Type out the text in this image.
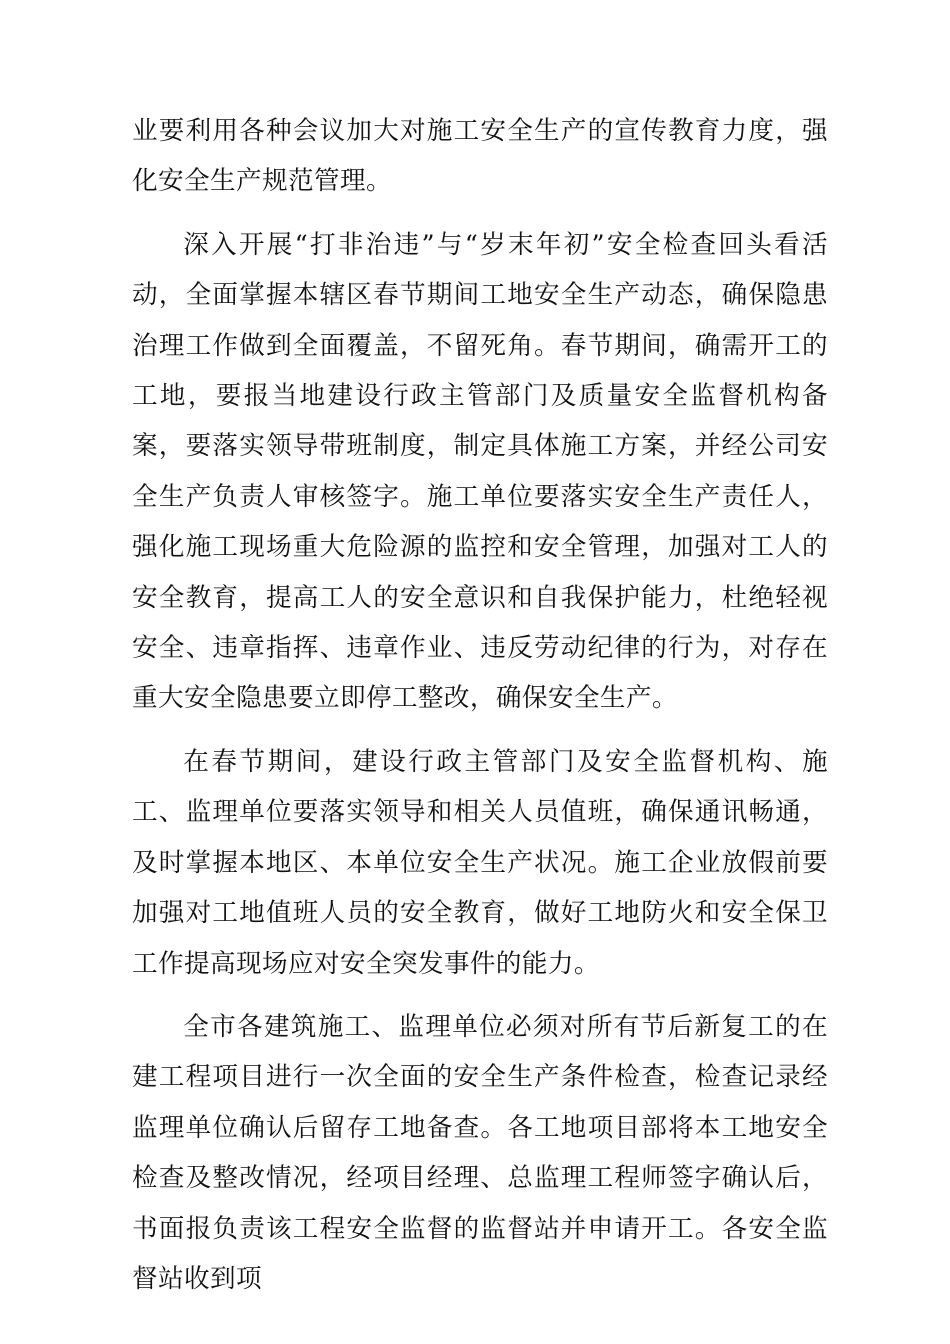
业要利用各种会议加大对施工安全生产的宣传教育力度，强化安全生产规范管理。

深入开展“打非治违”与“岁末年初”安全检查回头看活动，全面掌握本辖区春节期间工地安全生产动态，确保隐患治理工作做到全面覆盖，不留死角。春节期间，确需开工的工地，要报当地建设行政主管部门及质量安全监督机构备案，要落实领导带班制度，制定具体施工方案，并经公司安全生产负责人审核签字。施工单位要落实安全生产责任人，强化施工现场重大危险源的监控和安全管理，加强对工人的安全教育，提高工人的安全意识和自我保护能力，杜绝轻视安全、违章指挥、违章作业、违反劳动纪律的行为，对存在重大安全隐患要立即停工整改，确保安全生产。

在春节期间，建设行政主管部门及安全监督机构、施工、监理单位要落实领导和相关人员值班，确保通讯畅通，及时掌握本地区、本单位安全生产状况。施工企业放假前要加强对工地值班人员的安全教育，做好工地防火和安全保卫工作提高现场应对安全突发事件的能力。

全市各建筑施工、监理单位必须对所有节后新复工的在建工程项目进行一次全面的安全生产条件检查，检查记录经监理单位确认后留存工地备查。各工地项目部将本工地安全检查及整改情况，经项目经理、总监理工程师签字确认后，书面报负责该工程安全监督的监督站并申请开工。各安全监督站收到项
